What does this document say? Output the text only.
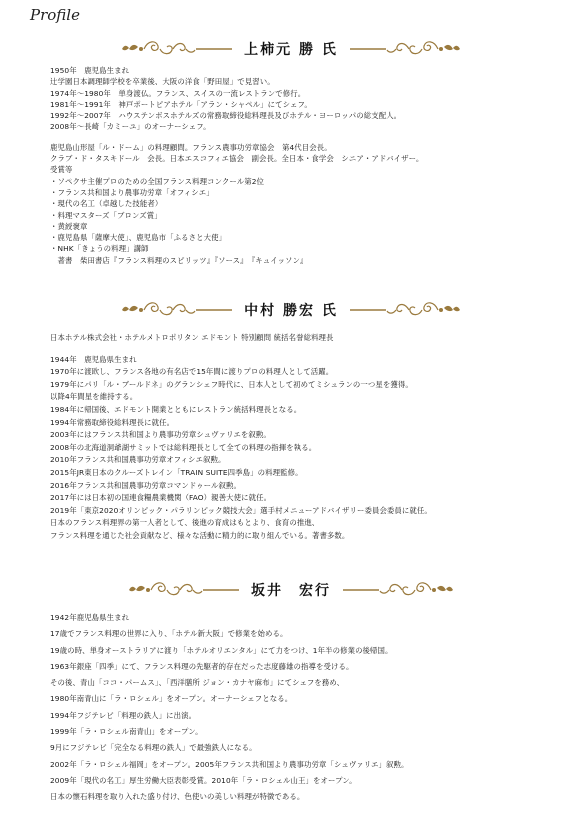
Profile
上柿元 勝 氏
1950年　鹿児島生まれ
辻学園日本調理師学校を卒業後、大阪の洋食「野田屋」で見習い。
1974年～1980年　単身渡仏。フランス、スイスの一流レストランで修行。
1981年～1991年　神戸ポートピアホテル「アラン・シャペル」にてシェフ。
1992年～2007年　ハウステンボスホテルズの常務取締役総料理長及びホテル・ヨーロッパの総支配人。
2008年～長崎「カミーユ」のオーナーシェフ。
鹿児島山形屋「ル・ドーム」の料理顧問。フランス農事功労章協会　第4代目会長。
クラブ・ド・タスキドール　会長。日本エスコフィエ協会　副会長。全日本・食学会　シニア・アドバイザー。
受賞等
・ソペクサ主催プロのための全国フランス料理コンクール第2位
・フランス共和国より農事功労章「オフィシエ」
・現代の名工（卓越した技能者）
・料理マスターズ「ブロンズ賞」
・黄綬褒章
・鹿児島県「薩摩大使」、鹿児島市「ふるさと大使」
・NHK「きょうの料理」講師
　著書　柴田書店『フランス料理のスピリッツ』『ソース』　『キュイッソン』
中村 勝宏 氏
日本ホテル株式会社・ホテルメトロポリタン エドモント 特別顧問 統括名誉総料理長
1944年　鹿児島県生まれ
1970年に渡欧し、フランス各地の有名店で15年間に渡りプロの料理人として活躍。
1979年にパリ「ル・ブールドネ」のグランシェフ時代に、日本人として初めてミシュランの一つ星を獲得。
以降4年間星を維持する。
1984年に帰国後、エドモント開業とともにレストラン統括料理長となる。
1994年常務取締役総料理長に就任。
2003年にはフランス共和国より農事功労章シュヴァリエを叙勲。
2008年の北海道洞爺湖サミットでは総料理長として全ての料理の指揮を執る。
2010年フランス共和国農事功労章オフィシエ叙勲。
2015年JR東日本のクルーズトレイン「TRAIN SUITE四季島」の料理監修。
2016年フランス共和国農事功労章コマンドゥール叙勲。
2017年には日本初の国連食糧農業機関（FAO）親善大使に就任。
2019年「東京2020オリンピック・パラリンピック競技大会」選手村メニューアドバイザリー委員会委員に就任。
日本のフランス料理界の第一人者として、後進の育成はもとより、食育の推進、
フランス料理を通じた社会貢献など、様々な活動に精力的に取り組んでいる。著書多数。
坂井　宏行
1942年鹿児島県生まれ
17歳でフランス料理の世界に入り、「ホテル新大阪」で修業を始める。
19歳の時、単身オーストラリアに渡り「ホテルオリエンタル」にて力をつけ、1年半の修業の後帰国。
1963年銀座「四季」にて、フランス料理の先駆者的存在だった志度藤雄の指導を受ける。
その後、青山「ココ・パームス」、「西洋膳所 ジョン・カナヤ麻布」にてシェフを務め、
1980年南青山に「ラ・ロシェル」をオープン。オーナーシェフとなる。
1994年フジテレビ「料理の鉄人」に出演。
1999年「ラ・ロシェル南青山」をオープン。
9月にフジテレビ「完全なる料理の鉄人」で最強鉄人になる。
2002年「ラ・ロシェル福岡」をオープン。2005年フランス共和国より農事功労章「シュヴァリエ」叙勲。
2009年「現代の名工」厚生労働大臣表彰受賞。2010年「ラ・ロシェル山王」をオープン。
日本の懐石料理を取り入れた盛り付け、色使いの美しい料理が特徴である。
